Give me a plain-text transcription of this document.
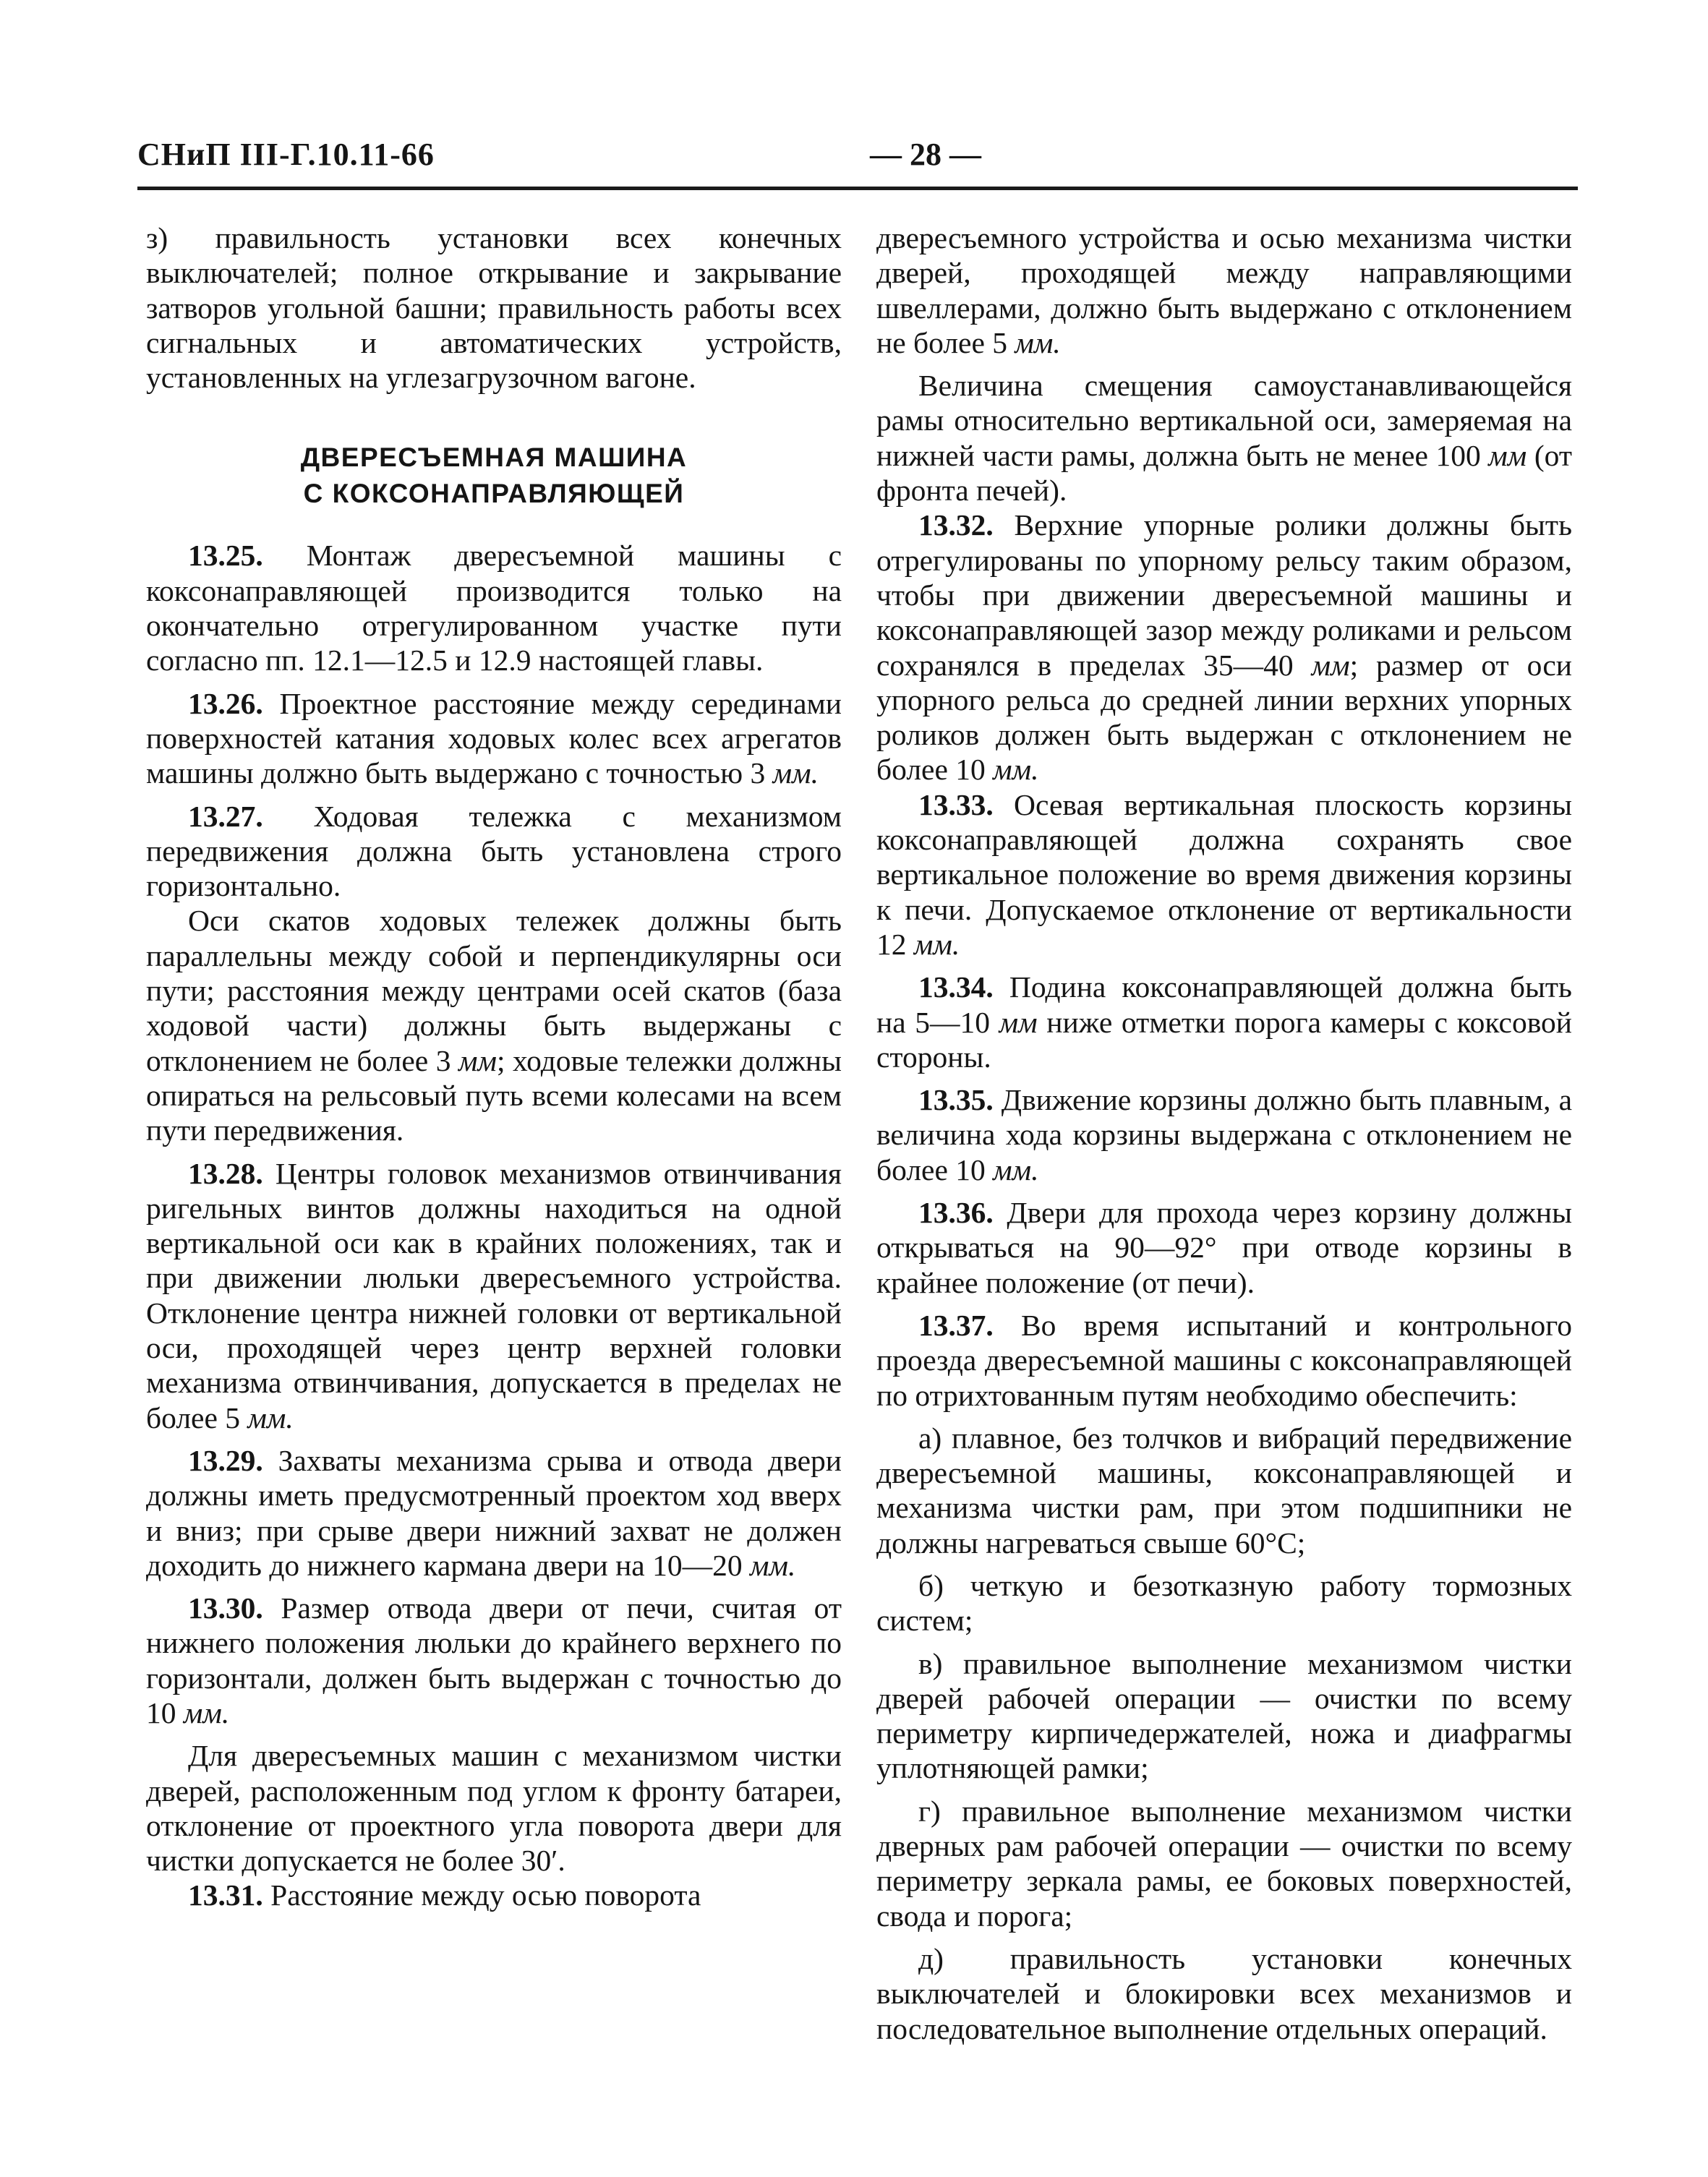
СНиП III-Г.10.11-66	— 28 —

з) правильность установки всех конечных выключателей; полное открывание и закрывание затворов угольной башни; правильность работы всех сигнальных и автоматических устройств, установленных на углезагрузочном вагоне.

ДВЕРЕСЪЕМНАЯ МАШИНА
С КОКСОНАПРАВЛЯЮЩЕЙ

13.25. Монтаж двересъемной машины с коксонаправляющей производится только на окончательно отрегулированном участке пути согласно пп. 12.1—12.5 и 12.9 настоящей главы.

13.26. Проектное расстояние между серединами поверхностей катания ходовых колес всех агрегатов машины должно быть выдержано с точностью 3 мм.

13.27. Ходовая тележка с механизмом передвижения должна быть установлена строго горизонтально.

Оси скатов ходовых тележек должны быть параллельны между собой и перпендикулярны оси пути; расстояния между центрами осей скатов (база ходовой части) должны быть выдержаны с отклонением не более 3 мм; ходовые тележки должны опираться на рельсовый путь всеми колесами на всем пути передвижения.

13.28. Центры головок механизмов отвинчивания ригельных винтов должны находиться на одной вертикальной оси как в крайних положениях, так и при движении люльки двересъемного устройства. Отклонение центра нижней головки от вертикальной оси, проходящей через центр верхней головки механизма отвинчивания, допускается в пределах не более 5 мм.

13.29. Захваты механизма срыва и отвода двери должны иметь предусмотренный проектом ход вверх и вниз; при срыве двери нижний захват не должен доходить до нижнего кармана двери на 10—20 мм.

13.30. Размер отвода двери от печи, считая от нижнего положения люльки до крайнего верхнего по горизонтали, должен быть выдержан с точностью до 10 мм.

Для двересъемных машин с механизмом чистки дверей, расположенным под углом к фронту батареи, отклонение от проектного угла поворота двери для чистки допускается не более 30′.

13.31. Расстояние между осью поворота

двересъемного устройства и осью механизма чистки дверей, проходящей между направляющими швеллерами, должно быть выдержано с отклонением не более 5 мм.

Величина смещения самоустанавливающейся рамы относительно вертикальной оси, замеряемая на нижней части рамы, должна быть не менее 100 мм (от фронта печей).

13.32. Верхние упорные ролики должны быть отрегулированы по упорному рельсу таким образом, чтобы при движении двересъемной машины и коксонаправляющей зазор между роликами и рельсом сохранялся в пределах 35—40 мм; размер от оси упорного рельса до средней линии верхних упорных роликов должен быть выдержан с отклонением не более 10 мм.

13.33. Осевая вертикальная плоскость корзины коксонаправляющей должна сохранять свое вертикальное положение во время движения корзины к печи. Допускаемое отклонение от вертикальности 12 мм.

13.34. Подина коксонаправляющей должна быть на 5—10 мм ниже отметки порога камеры с коксовой стороны.

13.35. Движение корзины должно быть плавным, а величина хода корзины выдержана с отклонением не более 10 мм.

13.36. Двери для прохода через корзину должны открываться на 90—92° при отводе корзины в крайнее положение (от печи).

13.37. Во время испытаний и контрольного проезда двересъемной машины с коксонаправляющей по отрихтованным путям необходимо обеспечить:

а) плавное, без толчков и вибраций передвижение двересъемной машины, коксонаправляющей и механизма чистки рам, при этом подшипники не должны нагреваться свыше 60°С;

б) четкую и безотказную работу тормозных систем;

в) правильное выполнение механизмом чистки дверей рабочей операции — очистки по всему периметру кирпичедержателей, ножа и диафрагмы уплотняющей рамки;

г) правильное выполнение механизмом чистки дверных рам рабочей операции — очистки по всему периметру зеркала рамы, ее боковых поверхностей, свода и порога;

д) правильность установки конечных выключателей и блокировки всех механизмов и последовательное выполнение отдельных операций.
